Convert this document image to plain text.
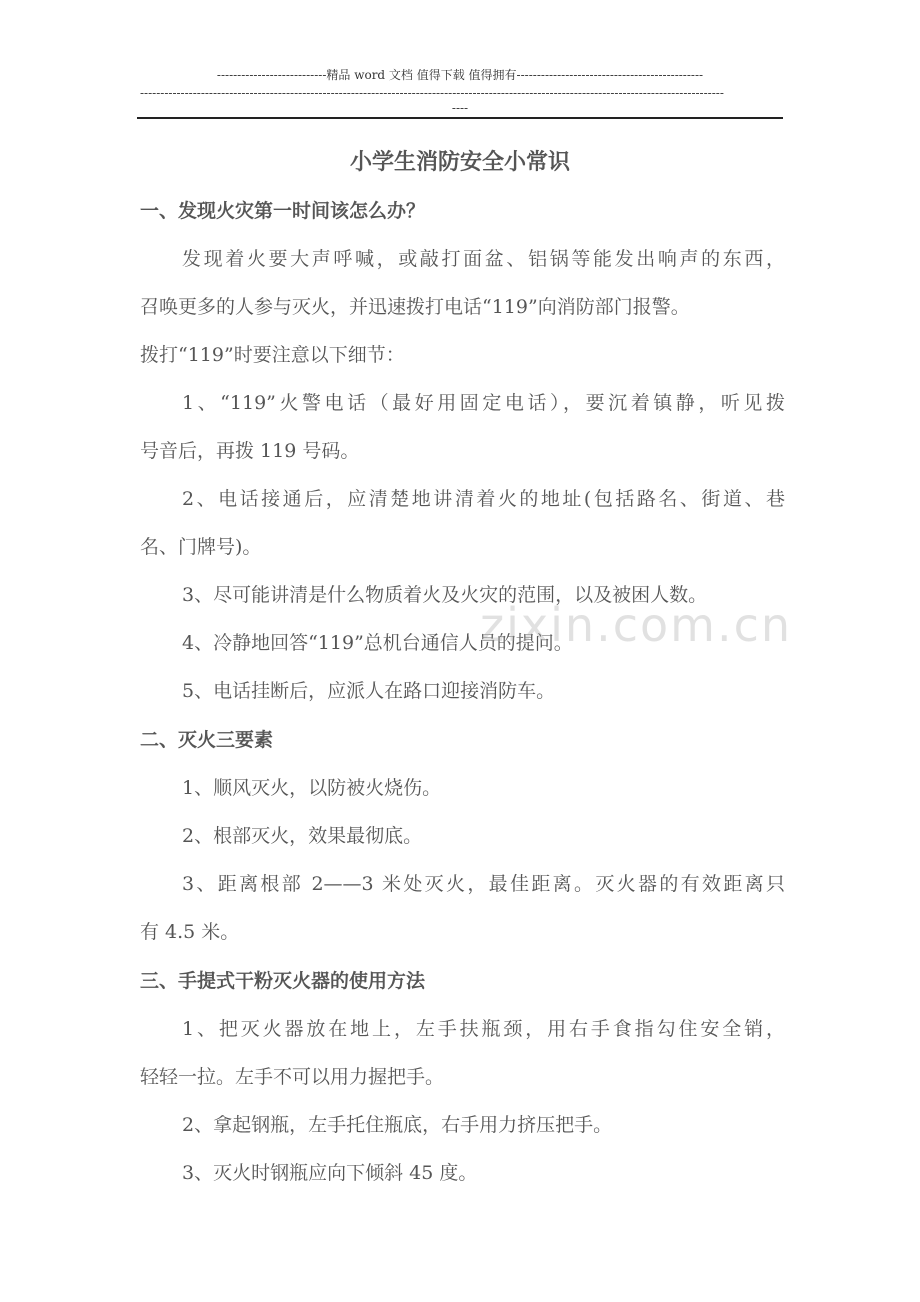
---------------------------精品 word 文档 值得下载 值得拥有----------------------------------------------
------------------------------------------------------------------------------------------------------------------------------------------------
----
小学生消防安全小常识
一、发现火灾第一时间该怎么办？
发现着火要大声呼喊，或敲打面盆、铝锅等能发出响声的东西，
召唤更多的人参与灭火，并迅速拨打电话“119”向消防部门报警。
拨打“119”时要注意以下细节：
1、“119”火警电话（最好用固定电话），要沉着镇静，听见拨
号音后，再拨 119 号码。
2、电话接通后，应清楚地讲清着火的地址(包括路名、街道、巷
名、门牌号)。
3、尽可能讲清是什么物质着火及火灾的范围，以及被困人数。
4、冷静地回答“119”总机台通信人员的提问。
5、电话挂断后，应派人在路口迎接消防车。
二、灭火三要素
1、顺风灭火，以防被火烧伤。
2、根部灭火，效果最彻底。
3、距离根部 2——3 米处灭火，最佳距离。灭火器的有效距离只
有 4.5 米。
三、手提式干粉灭火器的使用方法
1、把灭火器放在地上，左手扶瓶颈，用右手食指勾住安全销，
轻轻一拉。左手不可以用力握把手。
2、拿起钢瓶，左手托住瓶底，右手用力挤压把手。
3、灭火时钢瓶应向下倾斜 45 度。
zixin.com.cn
